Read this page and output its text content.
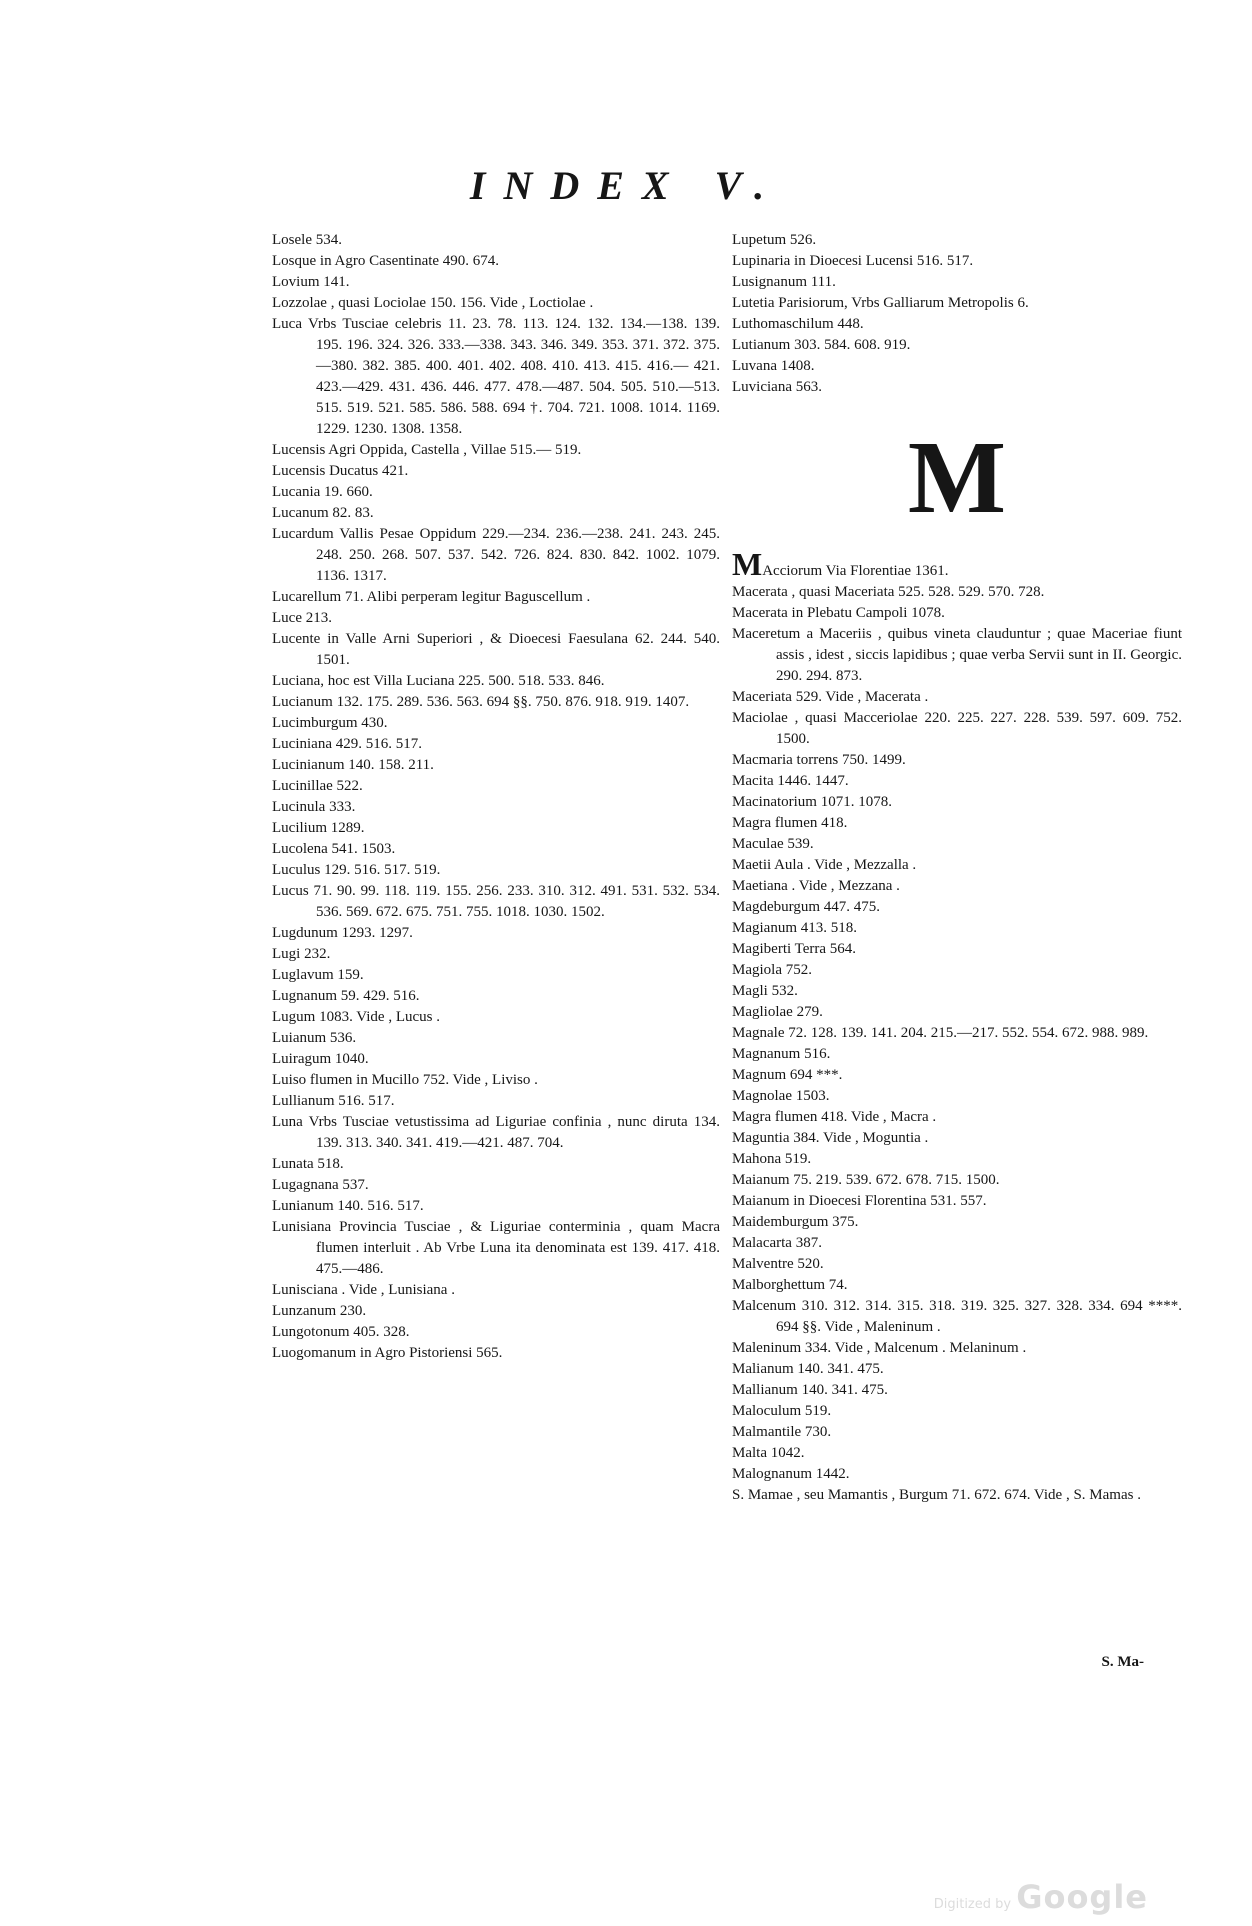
INDEX V.

Losele 534.

Losque in Agro Casentinate 490. 674.

Lovium 141.

Lozzolae , quasi Lociolae 150. 156. Vide , Loctiolae .

Luca Vrbs Tusciae celebris 11. 23. 78. 113. 124. 132. 134.—138. 139. 195. 196. 324. 326. 333.—338. 343. 346. 349. 353. 371. 372. 375.—380. 382. 385. 400. 401. 402. 408. 410. 413. 415. 416.— 421. 423.—429. 431. 436. 446. 477. 478.—487. 504. 505. 510.—513. 515. 519. 521. 585. 586. 588. 694 †. 704. 721. 1008. 1014. 1169. 1229. 1230. 1308. 1358.

Lucensis Agri Oppida, Castella , Villae 515.— 519.

Lucensis Ducatus 421.

Lucania 19. 660.

Lucanum 82. 83.

Lucardum Vallis Pesae Oppidum 229.—234. 236.—238. 241. 243. 245. 248. 250. 268. 507. 537. 542. 726. 824. 830. 842. 1002. 1079. 1136. 1317.

Lucarellum 71. Alibi perperam legitur Baguscellum .

Luce 213.

Lucente in Valle Arni Superiori , & Dioecesi Faesulana 62. 244. 540. 1501.

Luciana, hoc est Villa Luciana 225. 500. 518. 533. 846.

Lucianum 132. 175. 289. 536. 563. 694 §§. 750. 876. 918. 919. 1407.

Lucimburgum 430.

Luciniana 429. 516. 517.

Lucinianum 140. 158. 211.

Lucinillae 522.

Lucinula 333.

Lucilium 1289.

Lucolena 541. 1503.

Luculus 129. 516. 517. 519.

Lucus 71. 90. 99. 118. 119. 155. 256. 233. 310. 312. 491. 531. 532. 534. 536. 569. 672. 675. 751. 755. 1018. 1030. 1502.

Lugdunum 1293. 1297.

Lugi 232.

Luglavum 159.

Lugnanum 59. 429. 516.

Lugum 1083. Vide , Lucus .

Luianum 536.

Luiragum 1040.

Luiso flumen in Mucillo 752. Vide , Liviso .

Lullianum 516. 517.

Luna Vrbs Tusciae vetustissima ad Liguriae confinia , nunc diruta 134. 139. 313. 340. 341. 419.—421. 487. 704.

Lunata 518.

Lugagnana 537.

Lunianum 140. 516. 517.

Lunisiana Provincia Tusciae , & Liguriae conterminia , quam Macra flumen interluit . Ab Vrbe Luna ita denominata est 139. 417. 418. 475.—486.

Lunisciana . Vide , Lunisiana .

Lunzanum 230.

Lungotonum 405. 328.

Luogomanum in Agro Pistoriensi 565.

Lupetum 526.

Lupinaria in Dioecesi Lucensi 516. 517.

Lusignanum 111.

Lutetia Parisiorum, Vrbs Galliarum Metropolis 6.

Luthomaschilum 448.

Lutianum 303. 584. 608. 919.

Luvana 1408.

Luviciana 563.

M

MAcciorum Via Florentiae 1361.

Macerata , quasi Maceriata 525. 528. 529. 570. 728.

Macerata in Plebatu Campoli 1078.

Maceretum a Maceriis , quibus vineta clauduntur ; quae Maceriae fiunt assis , idest , siccis lapidibus ; quae verba Servii sunt in II. Georgic. 290. 294. 873.

Maceriata 529. Vide , Macerata .

Maciolae , quasi Macceriolae 220. 225. 227. 228. 539. 597. 609. 752. 1500.

Macmaria torrens 750. 1499.

Macita 1446. 1447.

Macinatorium 1071. 1078.

Magra flumen 418.

Maculae 539.

Maetii Aula . Vide , Mezzalla .

Maetiana . Vide , Mezzana .

Magdeburgum 447. 475.

Magianum 413. 518.

Magiberti Terra 564.

Magiola 752.

Magli 532.

Magliolae 279.

Magnale 72. 128. 139. 141. 204. 215.—217. 552. 554. 672. 988. 989.

Magnanum 516.

Magnum 694 ***.

Magnolae 1503.

Magra flumen 418. Vide , Macra .

Maguntia 384. Vide , Moguntia .

Mahona 519.

Maianum 75. 219. 539. 672. 678. 715. 1500.

Maianum in Dioecesi Florentina 531. 557.

Maidemburgum 375.

Malacarta 387.

Malventre 520.

Malborghettum 74.

Malcenum 310. 312. 314. 315. 318. 319. 325. 327. 328. 334. 694 ****. 694 §§. Vide , Maleninum .

Maleninum 334. Vide , Malcenum . Melaninum .

Malianum 140. 341. 475.

Mallianum 140. 341. 475.

Maloculum 519.

Malmantile 730.

Malta 1042.

Malognanum 1442.

S. Mamae , seu Mamantis , Burgum 71. 672. 674. Vide , S. Mamas .

S. Ma-

Digitized by Google
